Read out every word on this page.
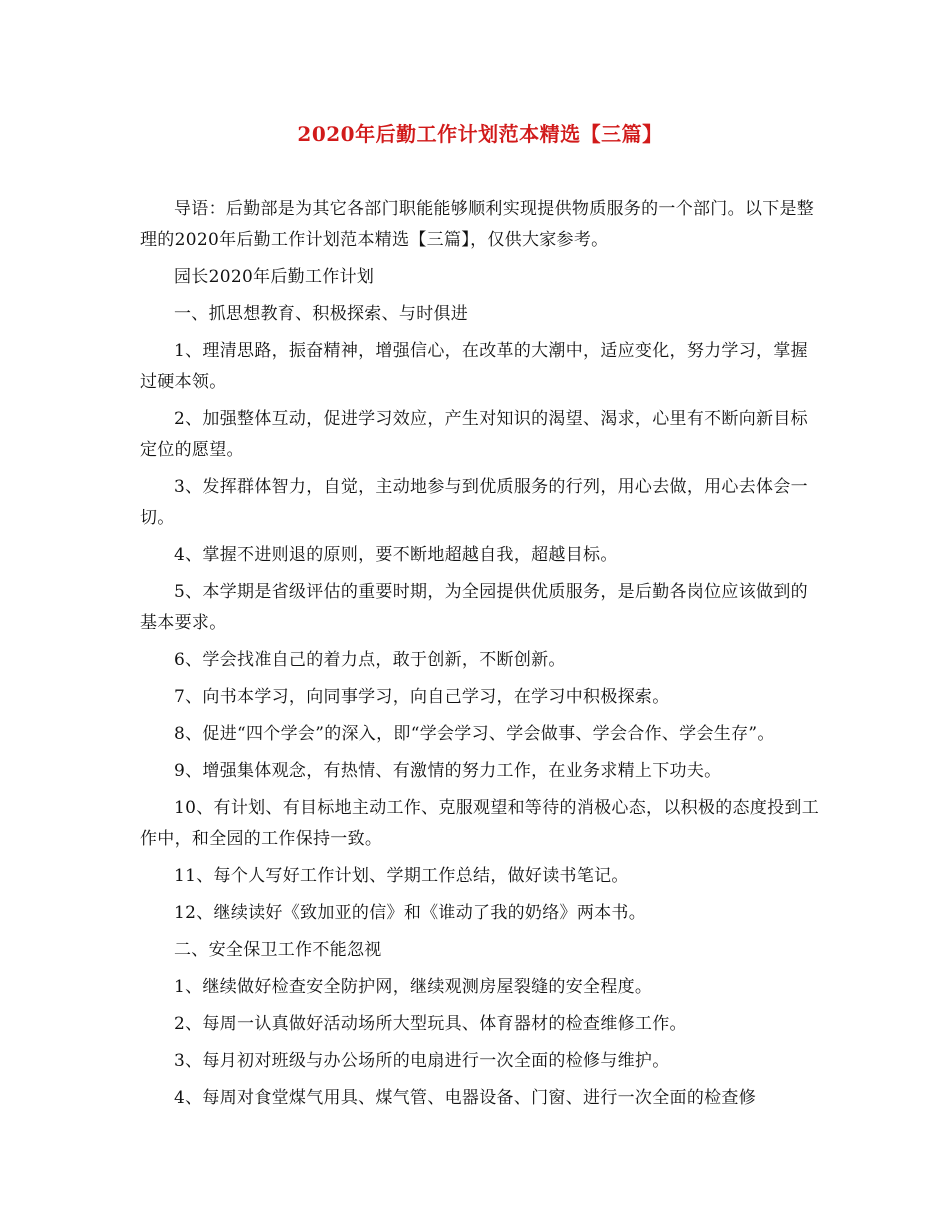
2020年后勤工作计划范本精选【三篇】

导语：后勤部是为其它各部门职能能够顺利实现提供物质服务的一个部门。以下是整理的2020年后勤工作计划范本精选【三篇】，仅供大家参考。

园长2020年后勤工作计划

一、抓思想教育、积极探索、与时俱进

1、理清思路，振奋精神，增强信心，在改革的大潮中，适应变化，努力学习，掌握过硬本领。

2、加强整体互动，促进学习效应，产生对知识的渴望、渴求，心里有不断向新目标定位的愿望。

3、发挥群体智力，自觉，主动地参与到优质服务的行列，用心去做，用心去体会一切。

4、掌握不进则退的原则，要不断地超越自我，超越目标。

5、本学期是省级评估的重要时期，为全园提供优质服务，是后勤各岗位应该做到的基本要求。

6、学会找准自己的着力点，敢于创新，不断创新。

7、向书本学习，向同事学习，向自己学习，在学习中积极探索。

8、促进“四个学会”的深入，即“学会学习、学会做事、学会合作、学会生存”。

9、增强集体观念，有热情、有激情的努力工作，在业务求精上下功夫。

10、有计划、有目标地主动工作、克服观望和等待的消极心态，以积极的态度投到工作中，和全园的工作保持一致。

11、每个人写好工作计划、学期工作总结，做好读书笔记。

12、继续读好《致加亚的信》和《谁动了我的奶络》两本书。

二、安全保卫工作不能忽视

1、继续做好检查安全防护网，继续观测房屋裂缝的安全程度。

2、每周一认真做好活动场所大型玩具、体育器材的检查维修工作。

3、每月初对班级与办公场所的电扇进行一次全面的检修与维护。

4、每周对食堂煤气用具、煤气管、电器设备、门窗、进行一次全面的检查修
